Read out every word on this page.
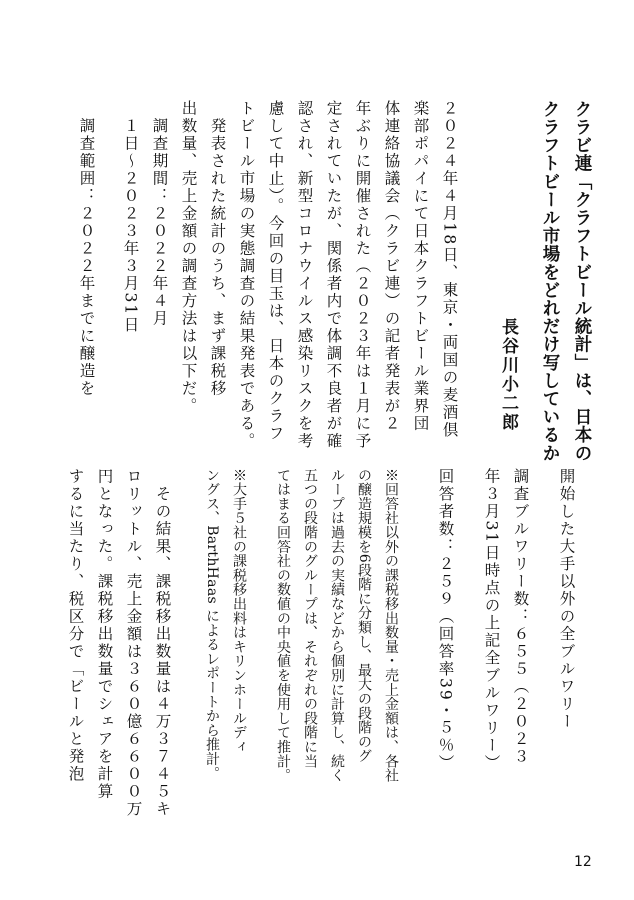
クラビ連「クラフトビール統計」は、日本の

クラフトビール市場をどれだけ写しているか

長谷川小二郎

２０２４年４月18日、東京・両国の麦酒倶

楽部ポパイにて日本クラフトビール業界団

体連絡協議会（クラビ連）の記者発表が２

年ぶりに開催された（２０２３年は１月に予

定されていたが、関係者内で体調不良者が確

認され、新型コロナウイルス感染リスクを考

慮して中止）。今回の目玉は、日本のクラフ

トビール市場の実態調査の結果発表である。

　発表された統計のうち、まず課税移

出数量、売上金額の調査方法は以下だ。

　調査期間：２０２２年４月

　１日～２０２３年３月31日

　調査範囲：２０２２年までに醸造を

開始した大手以外の全ブルワリー

調査ブルワリー数：６５５（２０２３

年３月31日時点の上記全ブルワリー）

回答者数：２５９（回答率39・５％）

※回答社以外の課税移出数量・売上金額は、各社

の醸造規模を6段階に分類し、最大の段階のグ

ループは過去の実績などから個別に計算し、続く

五つの段階のグループは、それぞれの段階に当

てはまる回答社の数値の中央値を使用して推計。

※大手５社の課税移出料はキリンホールディ

ングス、BarthHaas によるレポートから推計。

　その結果、課税移出数量は４万３７４５キ

ロリットル、売上金額は３６０億６６００万

円となった。課税移出数量でシェアを計算

するに当たり、税区分で「ビールと発泡

12
